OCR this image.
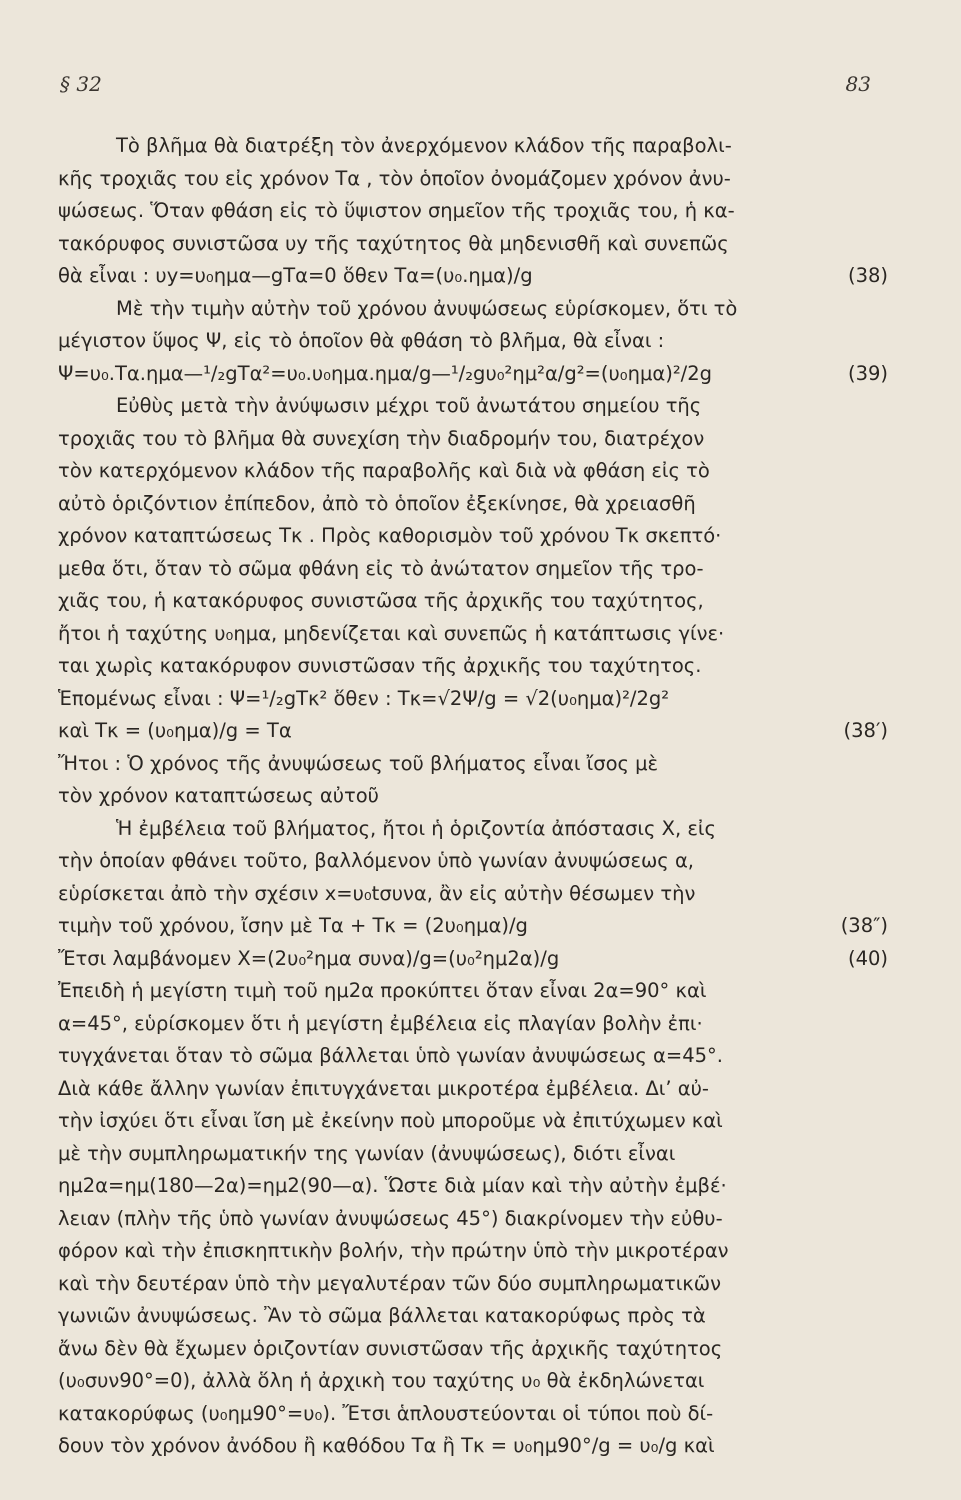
§ 32	83
Τὸ βλῆμα θὰ διατρέξη τὸν ἀνερχόμενον κλάδον τῆς παραβολι-
κῆς τροχιᾶς του εἰς χρόνον Tα , τὸν ὁποῖον ὀνομάζομεν χρόνον ἀνυ-
ψώσεως. Ὅταν φθάση εἰς τὸ ὕψιστον σημεῖον τῆς τροχιᾶς του, ἡ κα-
τακόρυφος συνιστῶσα υy τῆς ταχύτητος θὰ μηδενισθῆ καὶ συνεπῶς
θὰ εἶναι : υy=υ₀ημα—gTα=0 ὅθεν Tα=(υ₀.ημα)/g	(38)
Μὲ τὴν τιμὴν αὐτὴν τοῦ χρόνου ἀνυψώσεως εὑρίσκομεν, ὅτι τὸ
μέγιστον ὕψος Ψ, εἰς τὸ ὁποῖον θὰ φθάση τὸ βλῆμα, θὰ εἶναι :
Ψ=υ₀.Tα.ημα—¹/₂gTα²=υ₀.υ₀ημα.ημα/g—¹/₂gυ₀²ημ²α/g²=(υ₀ημα)²/2g	(39)
Εὐθὺς μετὰ τὴν ἀνύψωσιν μέχρι τοῦ ἀνωτάτου σημείου τῆς
τροχιᾶς του τὸ βλῆμα θὰ συνεχίση τὴν διαδρομήν του, διατρέχον
τὸν κατερχόμενον κλάδον τῆς παραβολῆς καὶ διὰ νὰ φθάση εἰς τὸ
αὐτὸ ὁριζόντιον ἐπίπεδον, ἀπὸ τὸ ὁποῖον ἐξεκίνησε, θὰ χρειασθῆ
χρόνον καταπτώσεως Tκ . Πρὸς καθορισμὸν τοῦ χρόνου Tκ σκεπτό·
μεθα ὅτι, ὅταν τὸ σῶμα φθάνη εἰς τὸ ἀνώτατον σημεῖον τῆς τρο-
χιᾶς του, ἡ κατακόρυφος συνιστῶσα τῆς ἀρχικῆς του ταχύτητος,
ἤτοι ἡ ταχύτης υ₀ημα, μηδενίζεται καὶ συνεπῶς ἡ κατάπτωσις γίνε·
ται χωρὶς κατακόρυφον συνιστῶσαν τῆς ἀρχικῆς του ταχύτητος.
Ἑπομένως εἶναι : Ψ=¹/₂gTκ² ὅθεν : Tκ=√2Ψ/g = √2(υ₀ημα)²/2g²
καὶ Tκ = (υ₀ημα)/g = Tα	(38′)
Ἤτοι : Ὁ χρόνος τῆς ἀνυψώσεως τοῦ βλήματος εἶναι ἴσος μὲ
τὸν χρόνον καταπτώσεως αὐτοῦ
Ἡ ἐμβέλεια τοῦ βλήματος, ἤτοι ἡ ὁριζοντία ἀπόστασις X, εἰς
τὴν ὁποίαν φθάνει τοῦτο, βαλλόμενον ὑπὸ γωνίαν ἀνυψώσεως α,
εὑρίσκεται ἀπὸ τὴν σχέσιν x=υ₀tσυνα, ἂν εἰς αὐτὴν θέσωμεν τὴν
τιμὴν τοῦ χρόνου, ἴσην μὲ Tα + Tκ = (2υ₀ημα)/g	(38″)
Ἔτσι λαμβάνομεν X=(2υ₀²ημα συνα)/g=(υ₀²ημ2α)/g	(40)
Ἐπειδὴ ἡ μεγίστη τιμὴ τοῦ ημ2α προκύπτει ὅταν εἶναι 2α=90° καὶ
α=45°, εὑρίσκομεν ὅτι ἡ μεγίστη ἐμβέλεια εἰς πλαγίαν βολὴν ἐπι·
τυγχάνεται ὅταν τὸ σῶμα βάλλεται ὑπὸ γωνίαν ἀνυψώσεως α=45°.
Διὰ κάθε ἄλλην γωνίαν ἐπιτυγχάνεται μικροτέρα ἐμβέλεια. Δι’ αὐ-
τὴν ἰσχύει ὅτι εἶναι ἴση μὲ ἐκείνην ποὺ μποροῦμε νὰ ἐπιτύχωμεν καὶ
μὲ τὴν συμπληρωματικήν της γωνίαν (ἀνυψώσεως), διότι εἶναι
ημ2α=ημ(180—2α)=ημ2(90—α). Ὥστε διὰ μίαν καὶ τὴν αὐτὴν ἐμβέ·
λειαν (πλὴν τῆς ὑπὸ γωνίαν ἀνυψώσεως 45°) διακρίνομεν τὴν εὐθυ-
φόρον καὶ τὴν ἐπισκηπτικὴν βολήν, τὴν πρώτην ὑπὸ τὴν μικροτέραν
καὶ τὴν δευτέραν ὑπὸ τὴν μεγαλυτέραν τῶν δύο συμπληρωματικῶν
γωνιῶν ἀνυψώσεως. Ἂν τὸ σῶμα βάλλεται κατακορύφως πρὸς τὰ
ἄνω δὲν θὰ ἔχωμεν ὁριζοντίαν συνιστῶσαν τῆς ἀρχικῆς ταχύτητος
(υ₀συν90°=0), ἀλλὰ ὅλη ἡ ἀρχικὴ του ταχύτης υ₀ θὰ ἐκδηλώνεται
κατακορύφως (υ₀ημ90°=υ₀). Ἔτσι ἁπλουστεύονται οἱ τύποι ποὺ δί-
δουν τὸν χρόνον ἀνόδου ἢ καθόδου Tα ἢ Tκ = υ₀ημ90°/g = υ₀/g καὶ
